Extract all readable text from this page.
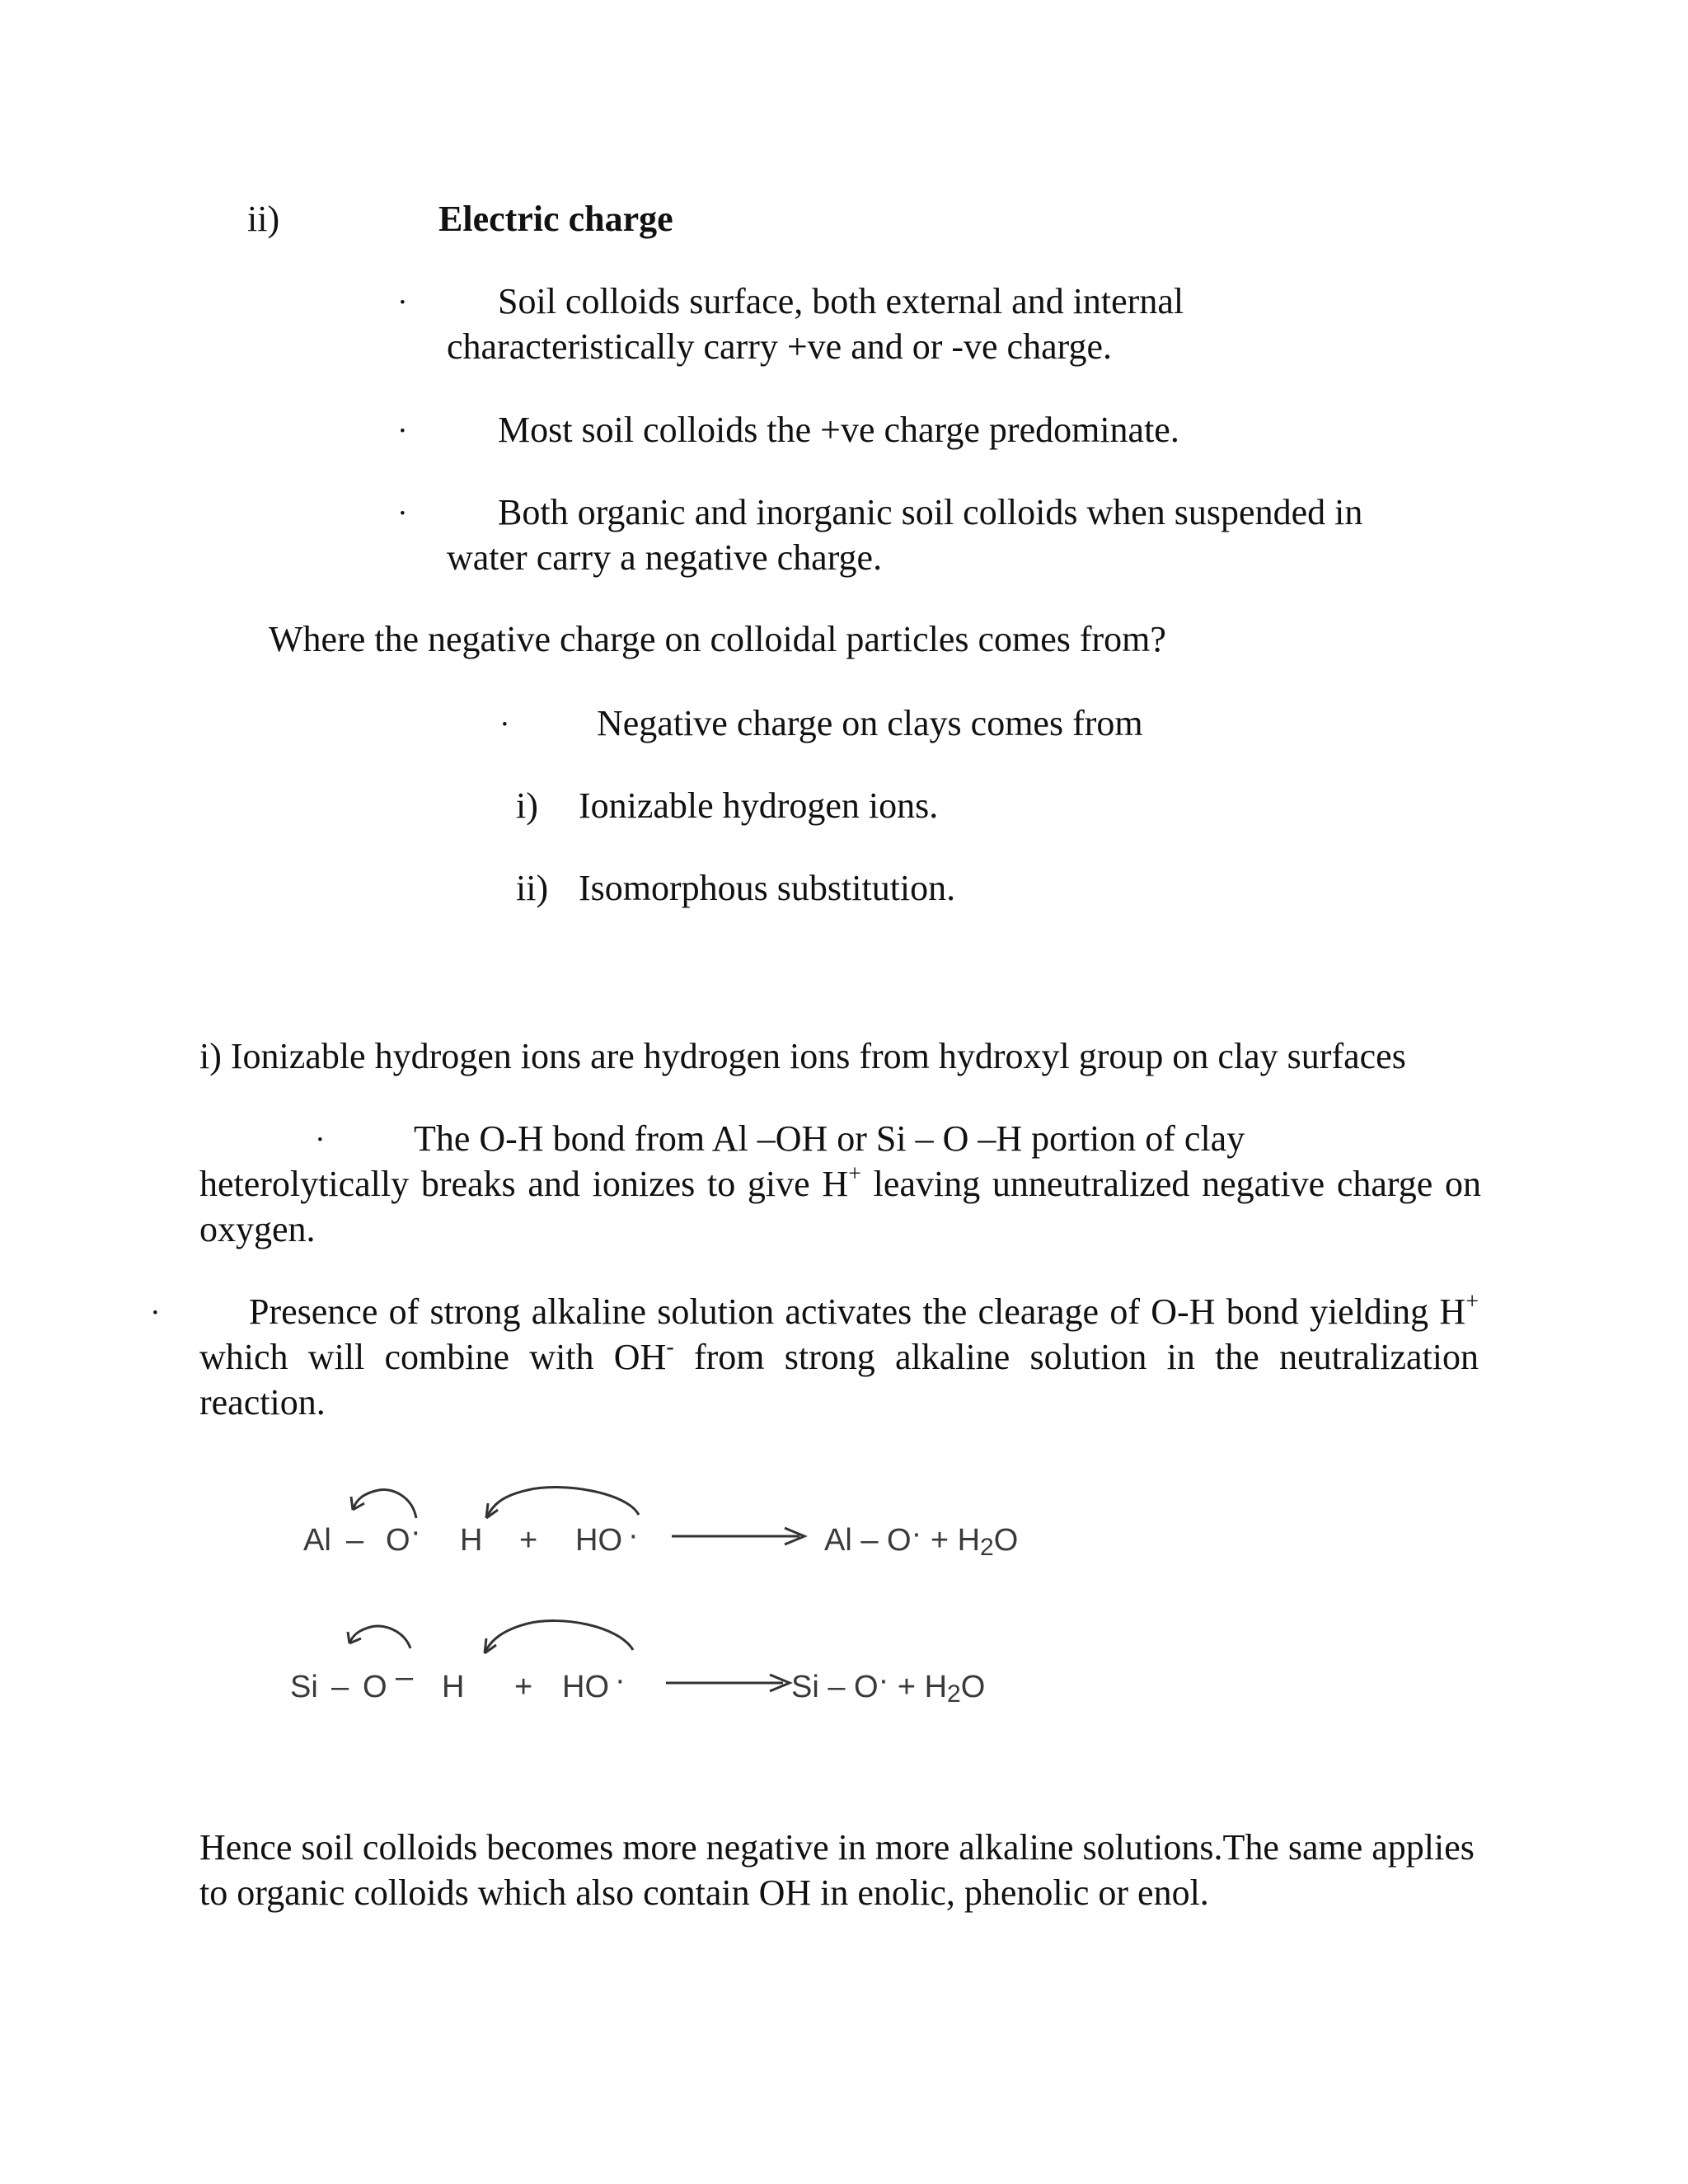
ii)	Electric charge
·	Soil colloids surface, both external and internal characteristically carry +ve and or -ve charge.
· Most soil colloids the +ve charge predominate.
·	Both organic and inorganic soil colloids when suspended in water carry a negative charge.
Where the negative charge on colloidal particles comes from?
· Negative charge on clays comes from
i) Ionizable hydrogen ions.
ii) Isomorphous substitution.
i) Ionizable hydrogen ions are hydrogen ions from hydroxyl group on clay surfaces
· The O-H bond from Al –OH or Si – O –H portion of clay
heterolytically breaks and ionizes to give H+ leaving unneutralized negative charge on oxygen.
·	Presence of strong alkaline solution activates the clearage of O-H bond yielding H+ which will combine with OH- from strong alkaline solution in the neutralization reaction.
Al – O · H + HO ·	Al – O· + H2O
Si – O – H + HO ·	Si – O· + H2O
Hence soil colloids becomes more negative in more alkaline solutions.The same applies to organic colloids which also contain OH in enolic, phenolic or enol.
